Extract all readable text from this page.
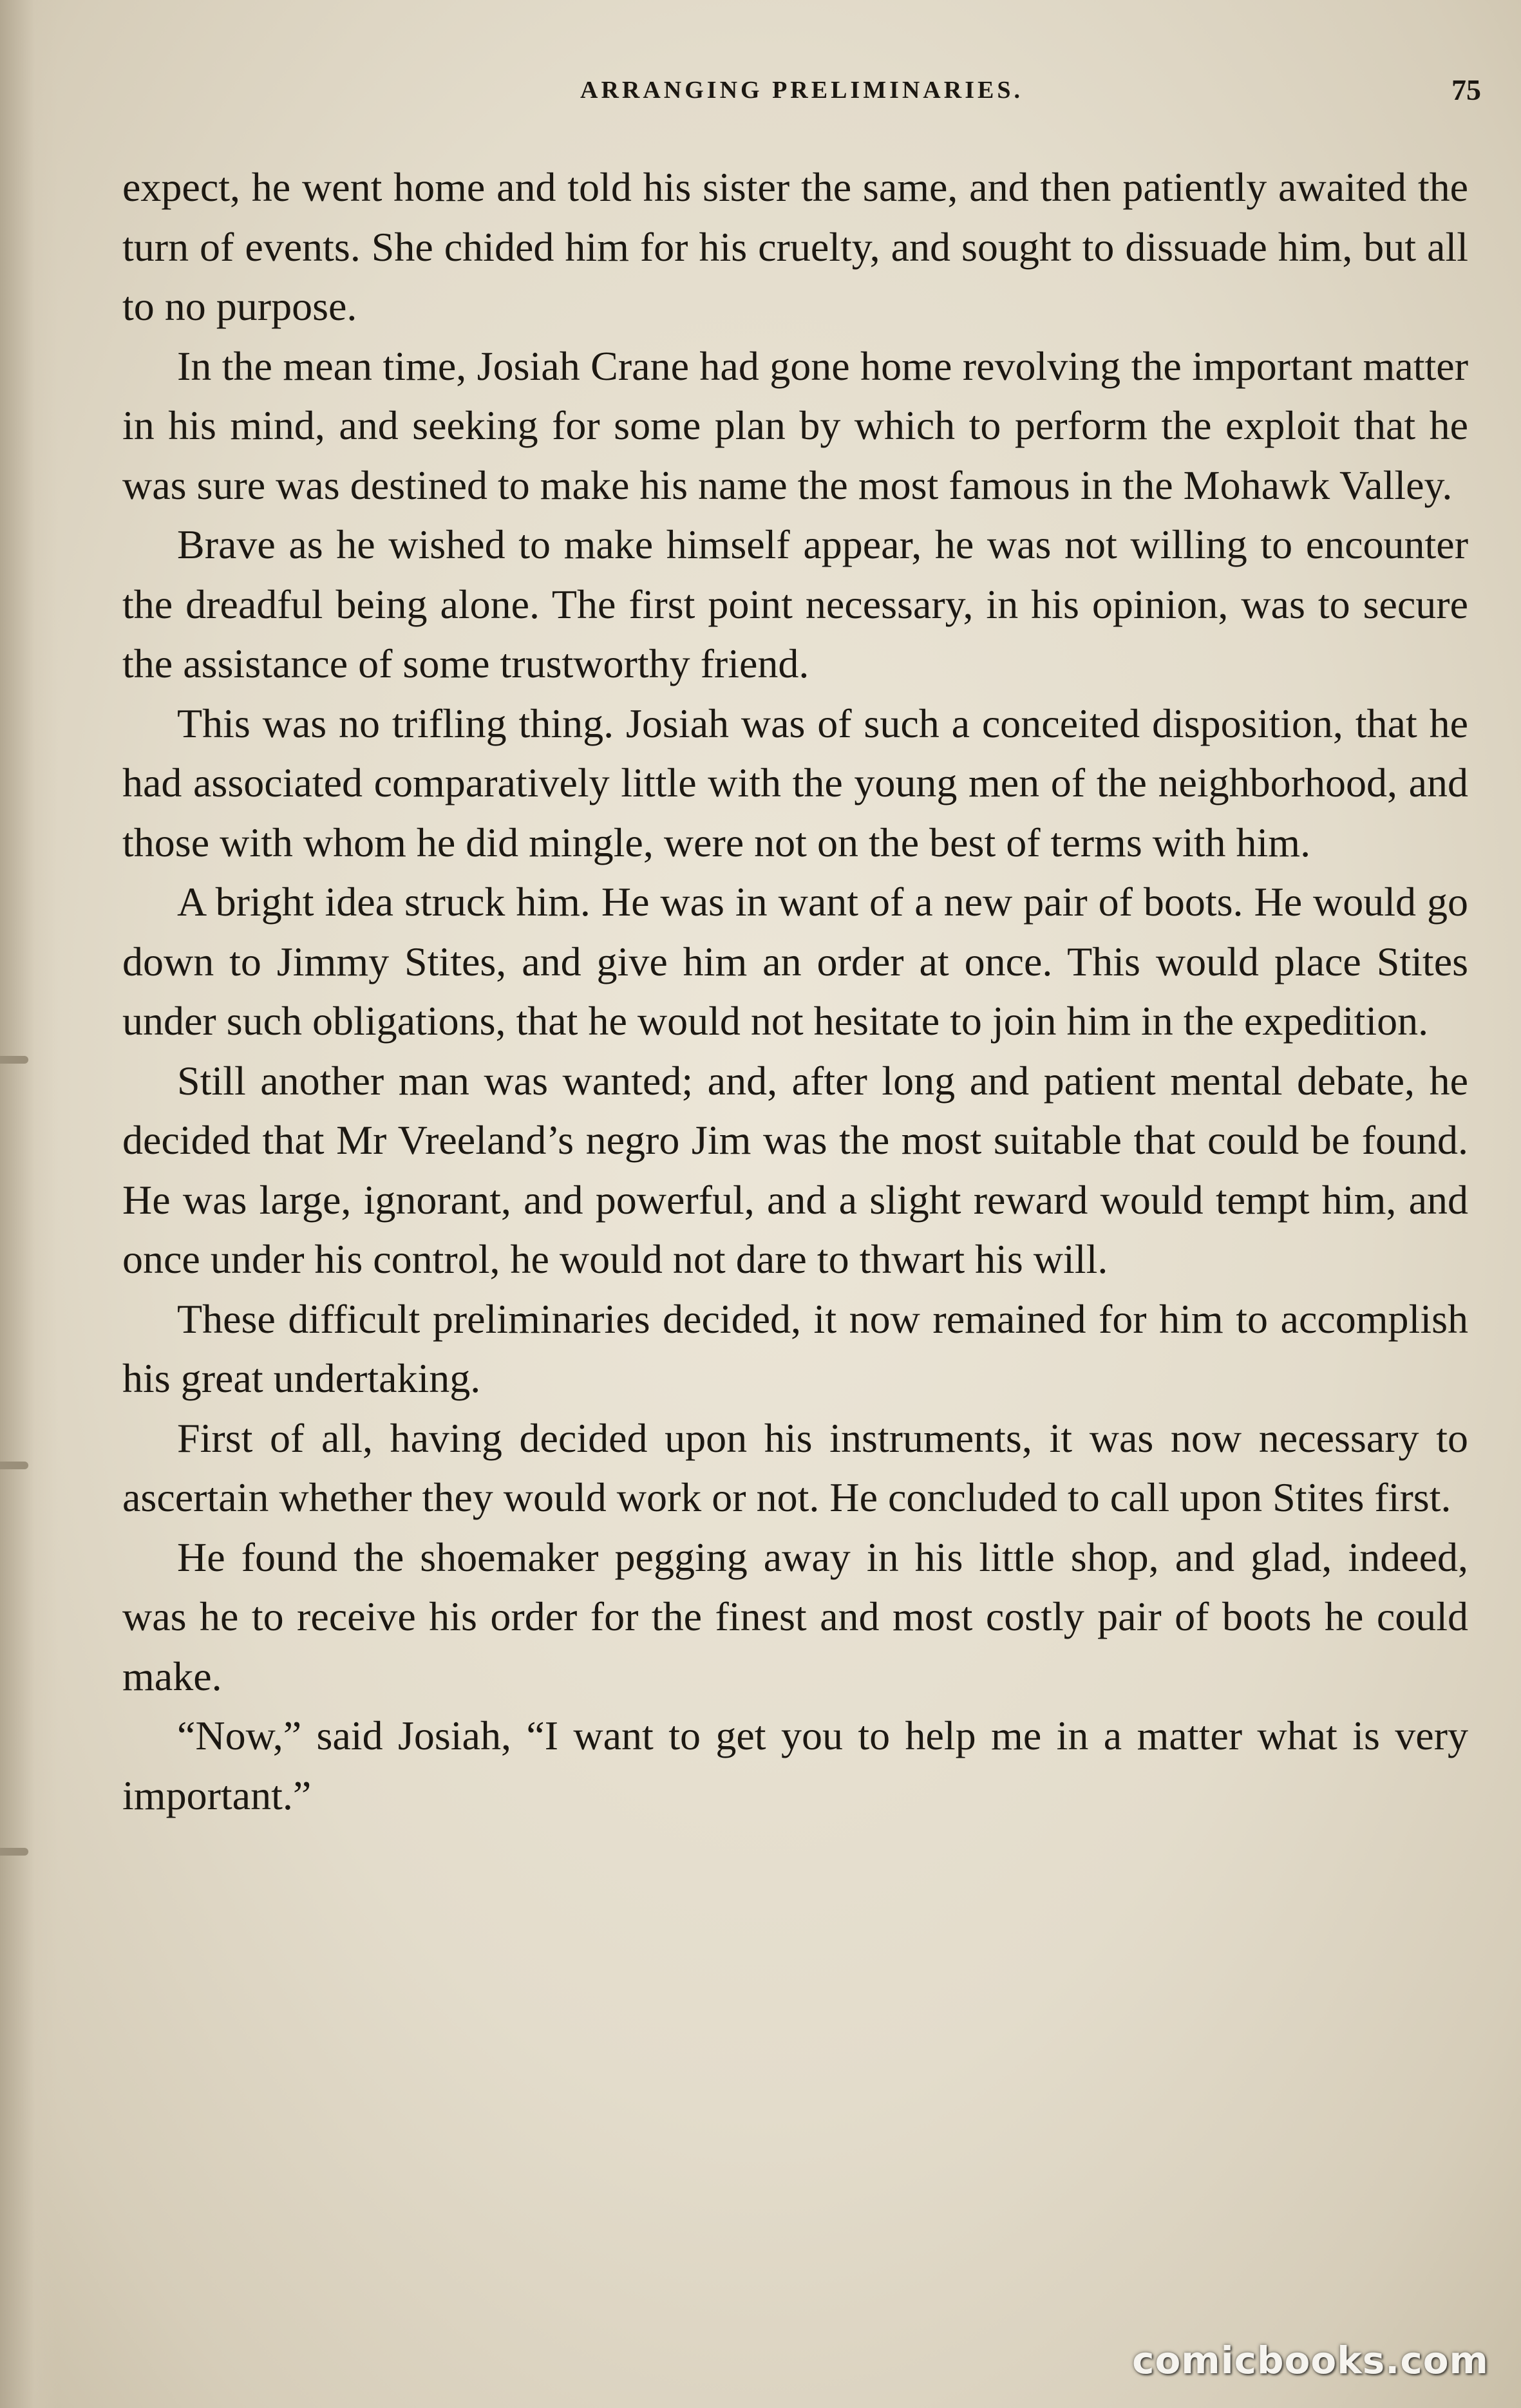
ARRANGING PRELIMINARIES.	75

expect, he went home and told his sister the same, and then patiently awaited the turn of events. She chided him for his cruelty, and sought to dissuade him, but all to no purpose.

In the mean time, Josiah Crane had gone home revolving the important matter in his mind, and seeking for some plan by which to perform the exploit that he was sure was destined to make his name the most famous in the Mohawk Valley.

Brave as he wished to make himself appear, he was not willing to encounter the dreadful being alone. The first point necessary, in his opinion, was to secure the assistance of some trustworthy friend.

This was no trifling thing. Josiah was of such a conceited disposition, that he had associated comparatively little with the young men of the neighborhood, and those with whom he did mingle, were not on the best of terms with him.

A bright idea struck him. He was in want of a new pair of boots. He would go down to Jimmy Stites, and give him an order at once. This would place Stites under such obligations, that he would not hesitate to join him in the expedition.

Still another man was wanted; and, after long and patient mental debate, he decided that Mr Vreeland’s negro Jim was the most suitable that could be found. He was large, ignorant, and powerful, and a slight reward would tempt him, and once under his control, he would not dare to thwart his will.

These difficult preliminaries decided, it now remained for him to accomplish his great undertaking.

First of all, having decided upon his instruments, it was now necessary to ascertain whether they would work or not. He concluded to call upon Stites first.

He found the shoemaker pegging away in his little shop, and glad, indeed, was he to receive his order for the finest and most costly pair of boots he could make.

“Now,” said Josiah, “I want to get you to help me in a matter what is very important.”

comicbooks.com
